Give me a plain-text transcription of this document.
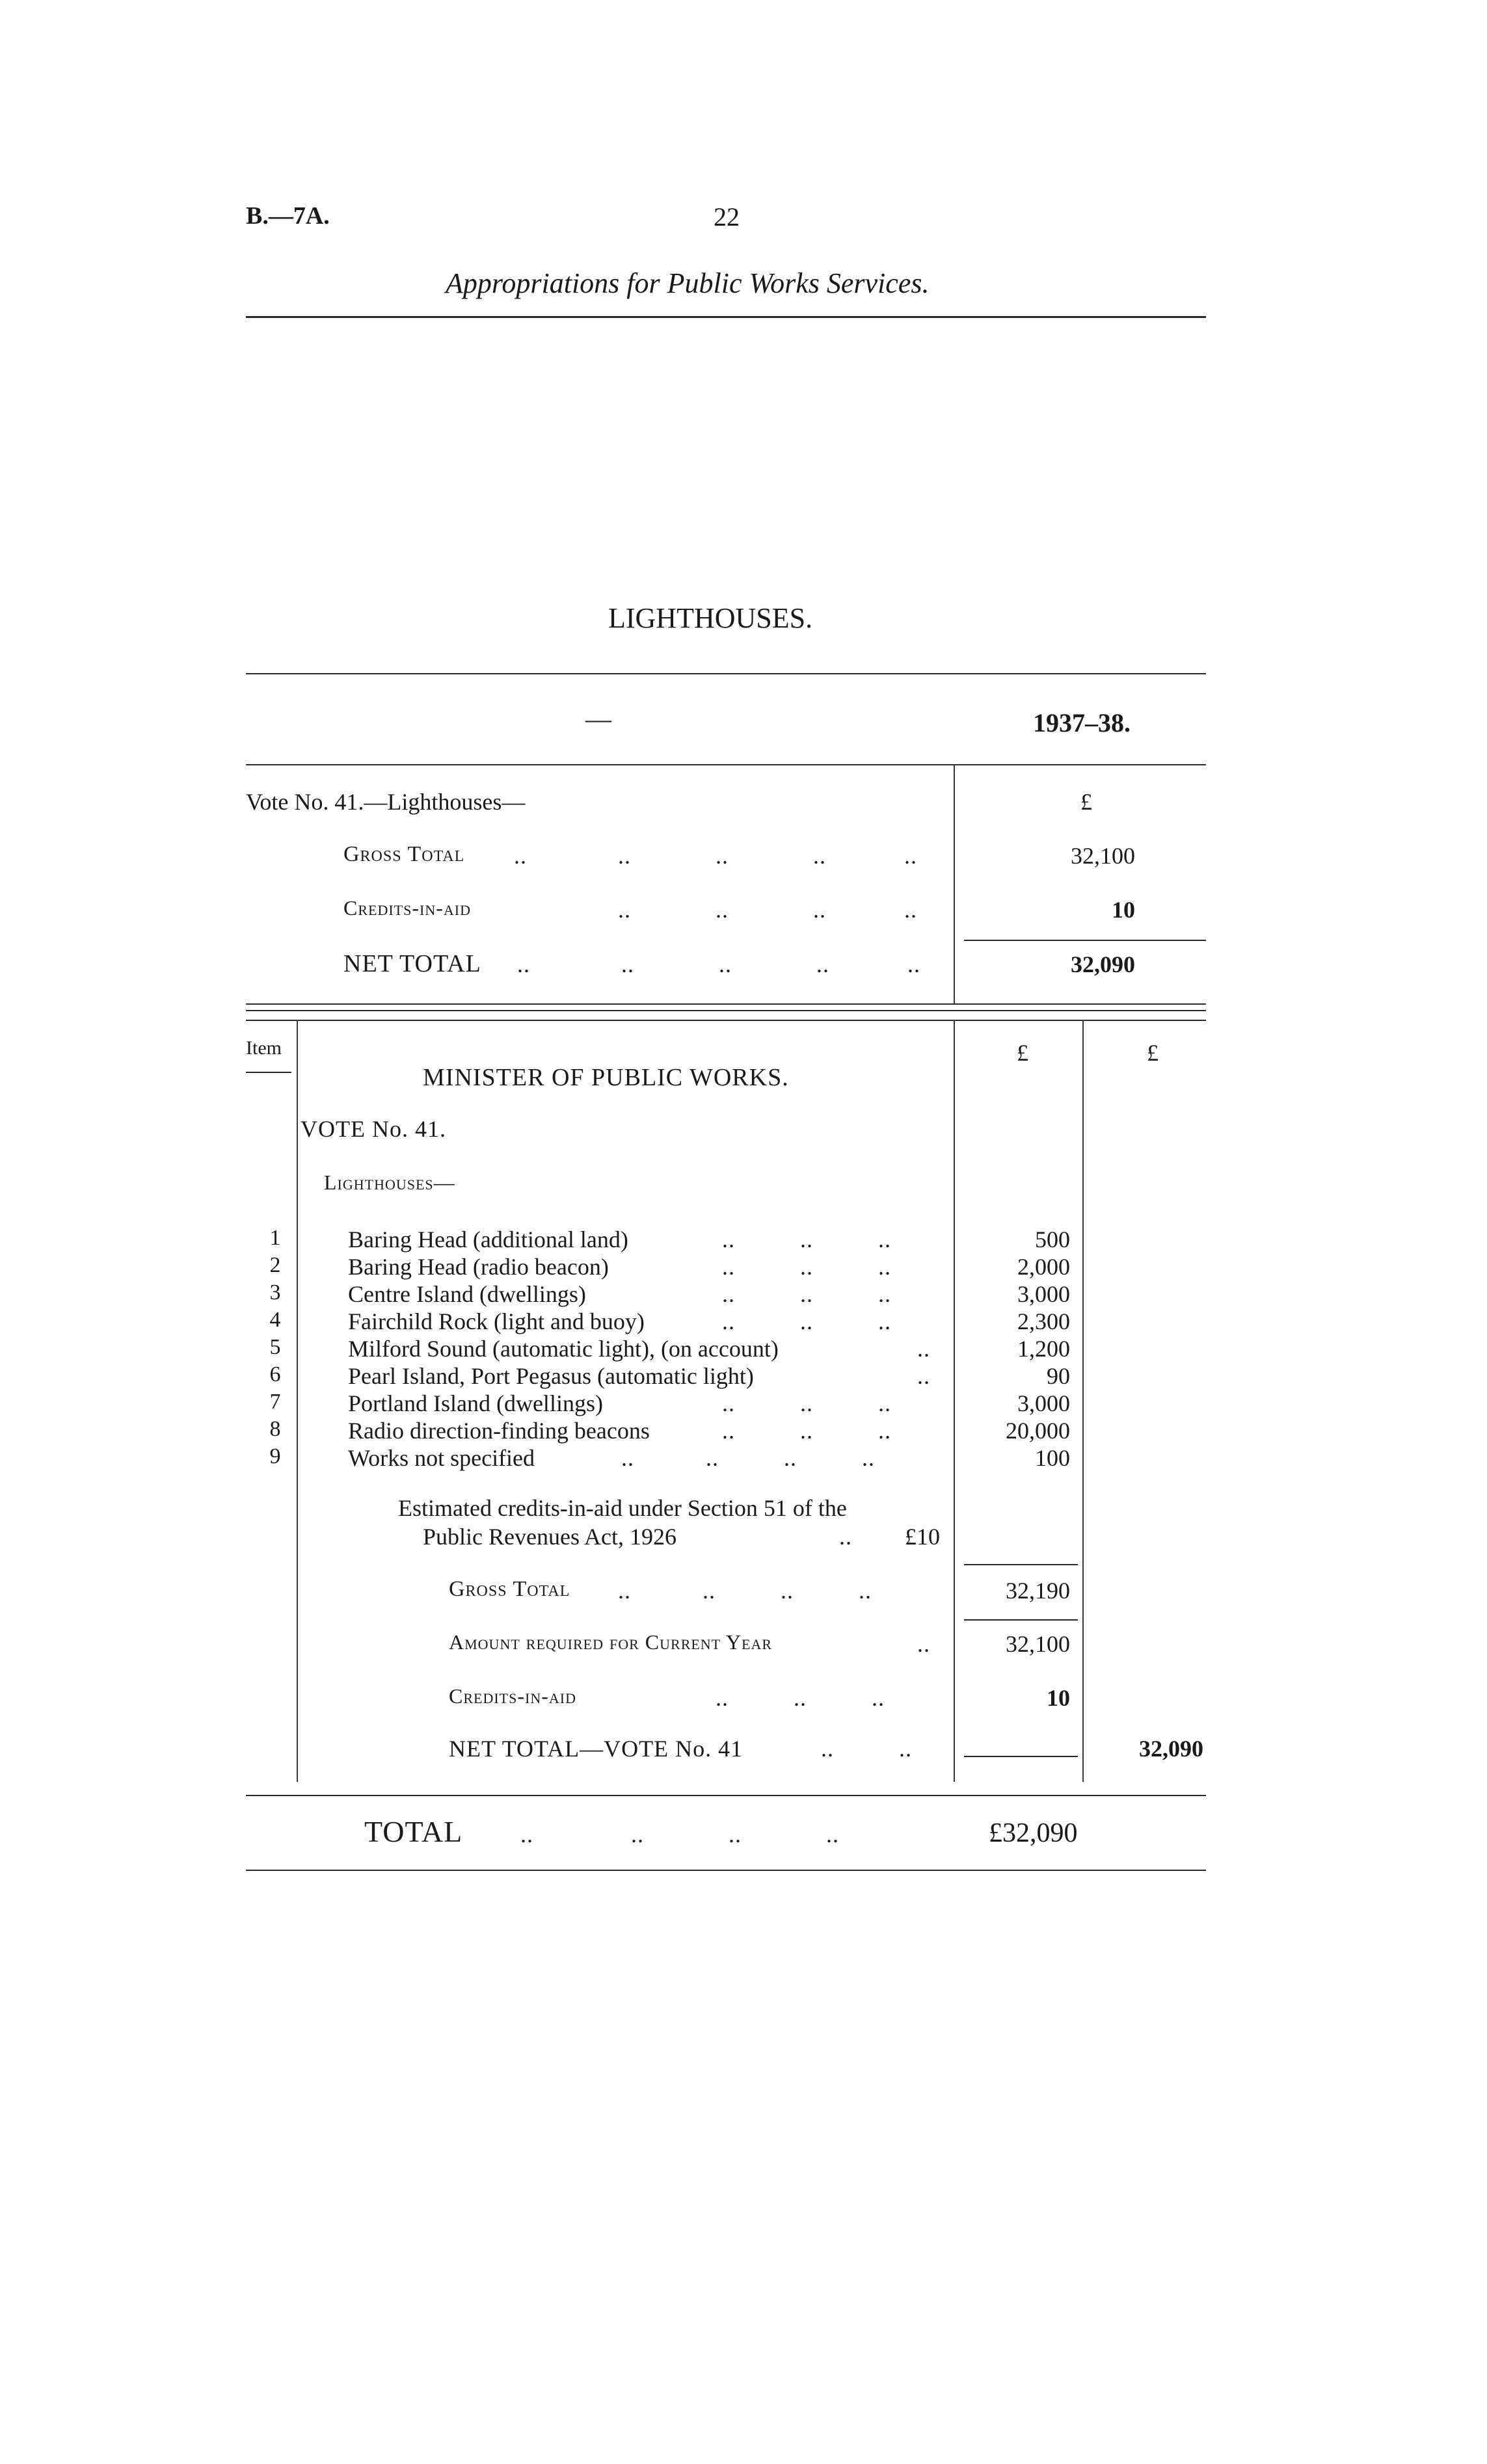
B.—7A.	22
Appropriations for Public Works Services.
LIGHTHOUSES.
—	1937–38.
Vote No. 41.—Lighthouses—	£
Gross Total ..	..	..	..	..	32,100
Credits-in-aid	..	..	..	..	10
NET TOTAL ..	..	..	..	..	32,090
Item	£	£
MINISTER OF PUBLIC WORKS.
VOTE No. 41.
Lighthouses—
1	Baring Head (additional land)	..	..	..	500
2	Baring Head (radio beacon)	..	..	..	2,000
3	Centre Island (dwellings)	..	..	..	3,000
4	Fairchild Rock (light and buoy)	..	..	..	2,300
5	Milford Sound (automatic light), (on account)	..	1,200
6	Pearl Island, Port Pegasus (automatic light)	..	90
7	Portland Island (dwellings)	..	..	..	3,000
8	Radio direction-finding beacons	..	..	..	20,000
9	Works not specified	..	..	..	..	100
Estimated credits-in-aid under Section 51 of the
Public Revenues Act, 1926	..	£10
Gross Total ..	..	..	..	32,190
Amount required for Current Year	..	32,100
Credits-in-aid	..	..	..	10
NET TOTAL—VOTE No. 41	..	..	32,090
TOTAL ..	..	..	..	£32,090
